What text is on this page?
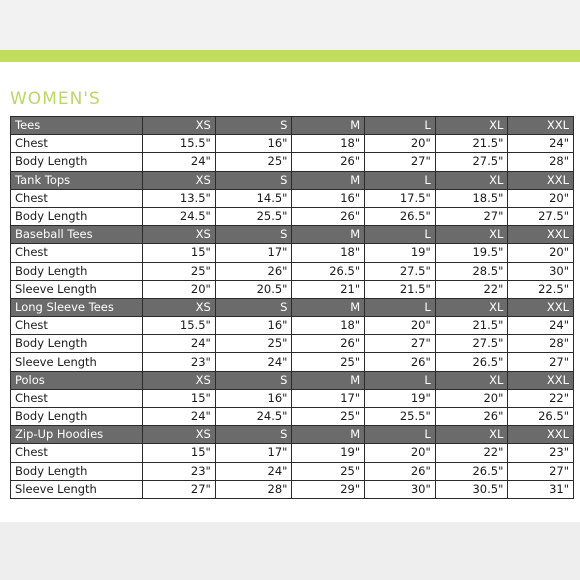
WOMEN'S
Tees	XS	S	M	L	XL	XXL
Chest	15.5"	16"	18"	20"	21.5"	24"
Body Length	24"	25"	26"	27"	27.5"	28"
Tank Tops	XS	S	M	L	XL	XXL
Chest	13.5"	14.5"	16"	17.5"	18.5"	20"
Body Length	24.5"	25.5"	26"	26.5"	27"	27.5"
Baseball Tees	XS	S	M	L	XL	XXL
Chest	15"	17"	18"	19"	19.5"	20"
Body Length	25"	26"	26.5"	27.5"	28.5"	30"
Sleeve Length	20"	20.5"	21"	21.5"	22"	22.5"
Long Sleeve Tees	XS	S	M	L	XL	XXL
Chest	15.5"	16"	18"	20"	21.5"	24"
Body Length	24"	25"	26"	27"	27.5"	28"
Sleeve Length	23"	24"	25"	26"	26.5"	27"
Polos	XS	S	M	L	XL	XXL
Chest	15"	16"	17"	19"	20"	22"
Body Length	24"	24.5"	25"	25.5"	26"	26.5"
Zip-Up Hoodies	XS	S	M	L	XL	XXL
Chest	15"	17"	19"	20"	22"	23"
Body Length	23"	24"	25"	26"	26.5"	27"
Sleeve Length	27"	28"	29"	30"	30.5"	31"
